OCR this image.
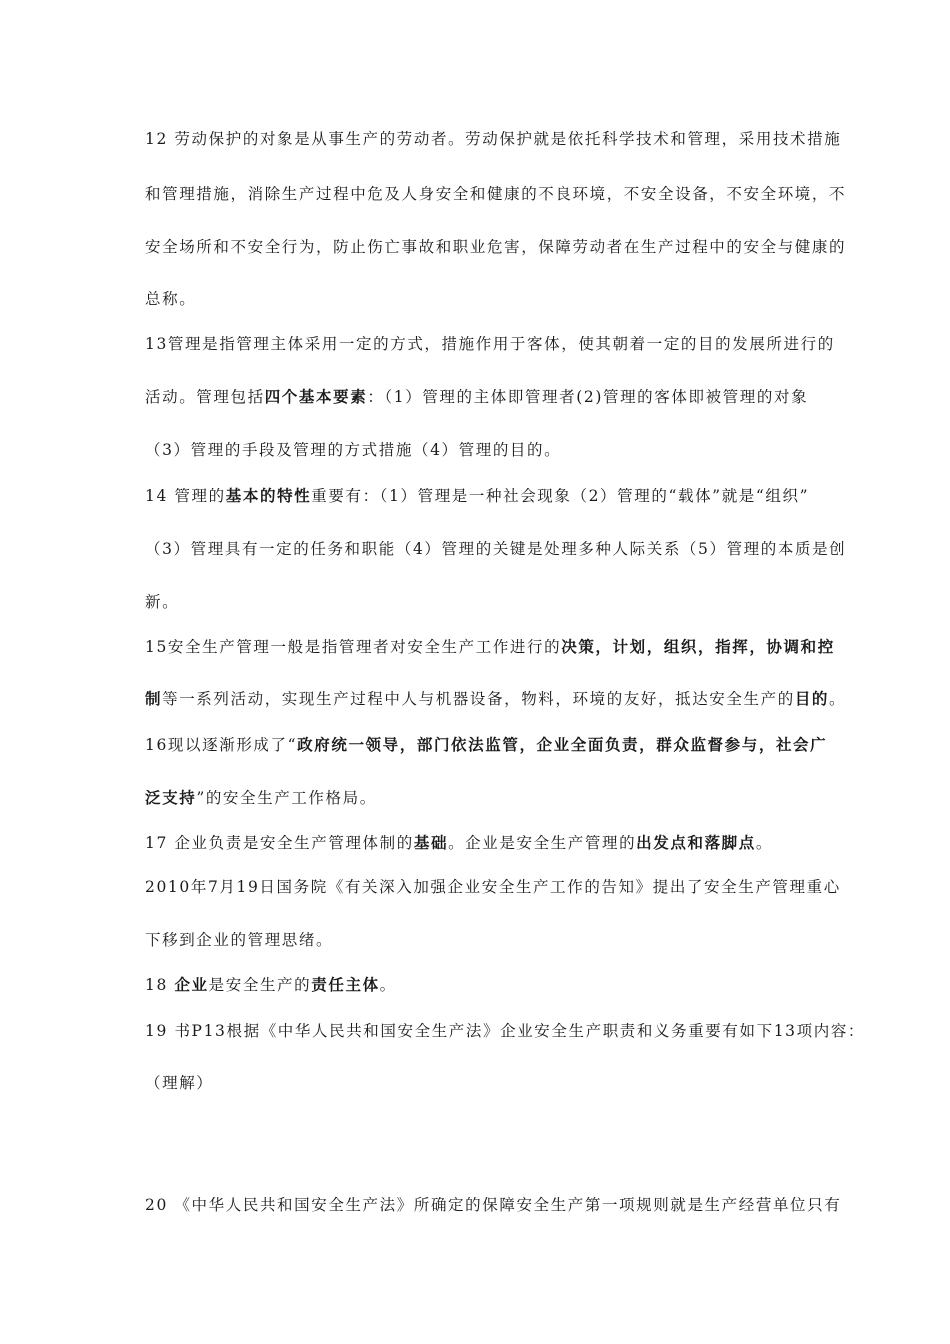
12 劳动保护的对象是从事生产的劳动者。劳动保护就是依托科学技术和管理，采用技术措施
和管理措施，消除生产过程中危及人身安全和健康的不良环境，不安全设备，不安全环境，不
安全场所和不安全行为，防止伤亡事故和职业危害，保障劳动者在生产过程中的安全与健康的
总称。
13管理是指管理主体采用一定的方式，措施作用于客体，使其朝着一定的目的发展所进行的
活动。管理包括四个基本要素：（1）管理的主体即管理者(2)管理的客体即被管理的对象
（3）管理的手段及管理的方式措施（4）管理的目的。
14 管理的基本的特性重要有：（1）管理是一种社会现象（2）管理的“载体”就是“组织”
（3）管理具有一定的任务和职能（4）管理的关键是处理多种人际关系（5）管理的本质是创
新。
15安全生产管理一般是指管理者对安全生产工作进行的决策，计划，组织，指挥，协调和控
制等一系列活动，实现生产过程中人与机器设备，物料，环境的友好，抵达安全生产的目的。
16现以逐渐形成了“政府统一领导，部门依法监管，企业全面负责，群众监督参与，社会广
泛支持”的安全生产工作格局。
17 企业负责是安全生产管理体制的基础。企业是安全生产管理的出发点和落脚点。
2010年7月19日国务院《有关深入加强企业安全生产工作的告知》提出了安全生产管理重心
下移到企业的管理思绪。
18 企业是安全生产的责任主体。
19 书P13根据《中华人民共和国安全生产法》企业安全生产职责和义务重要有如下13项内容：
（理解）
20 《中华人民共和国安全生产法》所确定的保障安全生产第一项规则就是生产经营单位只有
